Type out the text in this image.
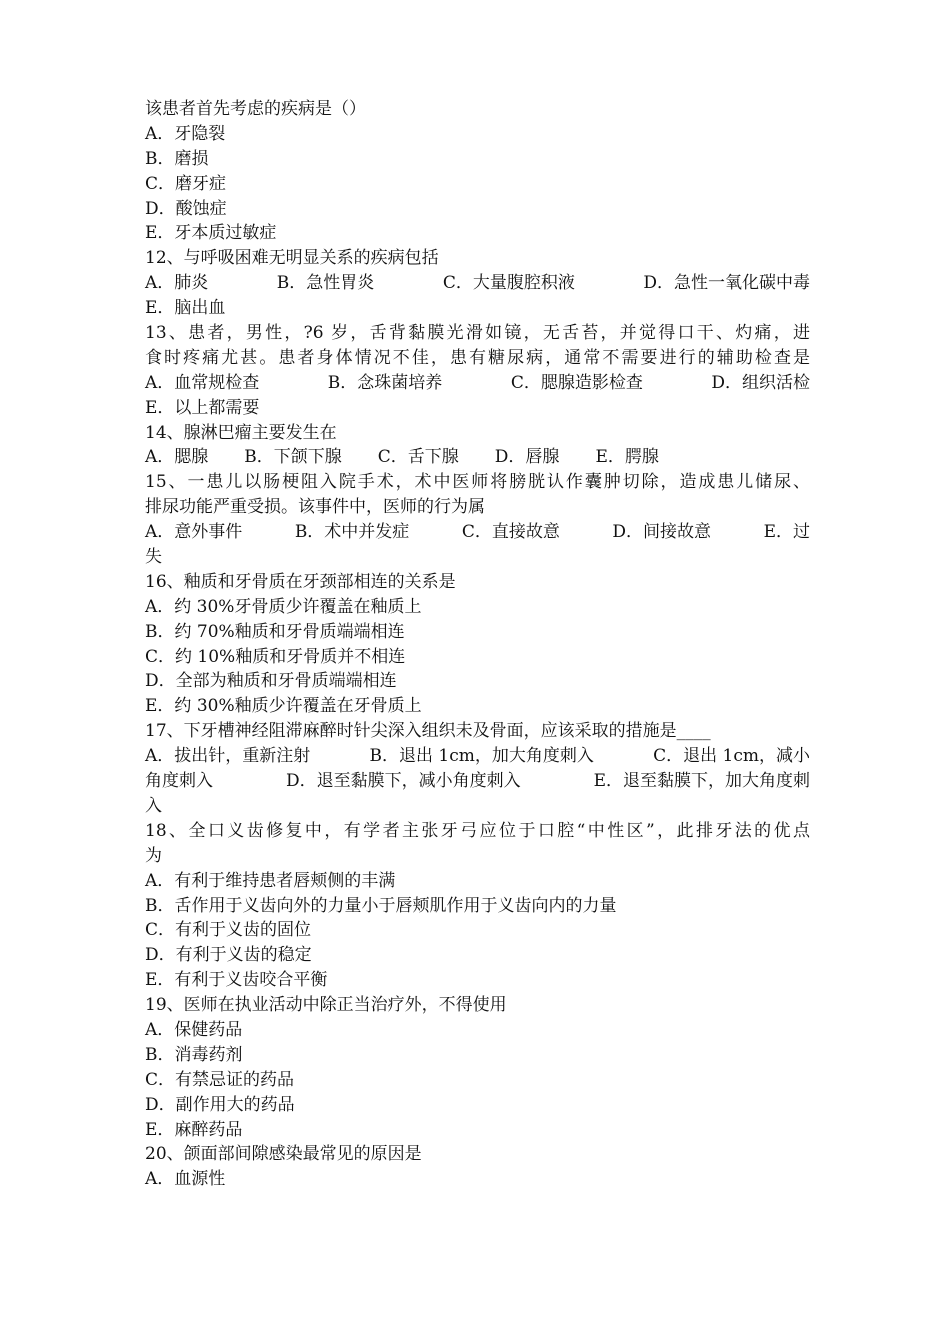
该患者首先考虑的疾病是（）
A．牙隐裂
B．磨损
C．磨牙症
D．酸蚀症
E．牙本质过敏症
12、与呼吸困难无明显关系的疾病包括
A．肺炎	B．急性胃炎	C．大量腹腔积液	D．急性一氧化碳中毒
E．脑出血
13、患者，男性，?6 岁，舌背黏膜光滑如镜，无舌苔，并觉得口干、灼痛，进
食时疼痛尤甚。患者身体情况不佳，患有糖尿病，通常不需要进行的辅助检查是
A．血常规检查	B．念珠菌培养	C．腮腺造影检查	D．组织活检
E．以上都需要
14、腺淋巴瘤主要发生在
A．腮腺 B．下颌下腺 C．舌下腺 D．唇腺 E．腭腺
15、一患儿以肠梗阻入院手术，术中医师将膀胱认作囊肿切除，造成患儿储尿、
排尿功能严重受损。该事件中，医师的行为属
A．意外事件	B．术中并发症	C．直接故意	D．间接故意	E．过
失
16、釉质和牙骨质在牙颈部相连的关系是
A．约 30%牙骨质少许覆盖在釉质上
B．约 70%釉质和牙骨质端端相连
C．约 10%釉质和牙骨质并不相连
D．全部为釉质和牙骨质端端相连
E．约 30%釉质少许覆盖在牙骨质上
17、下牙槽神经阻滞麻醉时针尖深入组织未及骨面，应该采取的措施是____
A．拔出针，重新注射	B．退出 1cm，加大角度刺入	C．退出 1cm，减小
角度刺入	D．退至黏膜下，减小角度刺入	E．退至黏膜下，加大角度刺
入
18、全口义齿修复中，有学者主张牙弓应位于口腔“中性区”，此排牙法的优点
为
A．有利于维持患者唇颊侧的丰满
B．舌作用于义齿向外的力量小于唇颊肌作用于义齿向内的力量
C．有利于义齿的固位
D．有利于义齿的稳定
E．有利于义齿咬合平衡
19、医师在执业活动中除正当治疗外，不得使用
A．保健药品
B．消毒药剂
C．有禁忌证的药品
D．副作用大的药品
E．麻醉药品
20、颌面部间隙感染最常见的原因是
A．血源性
